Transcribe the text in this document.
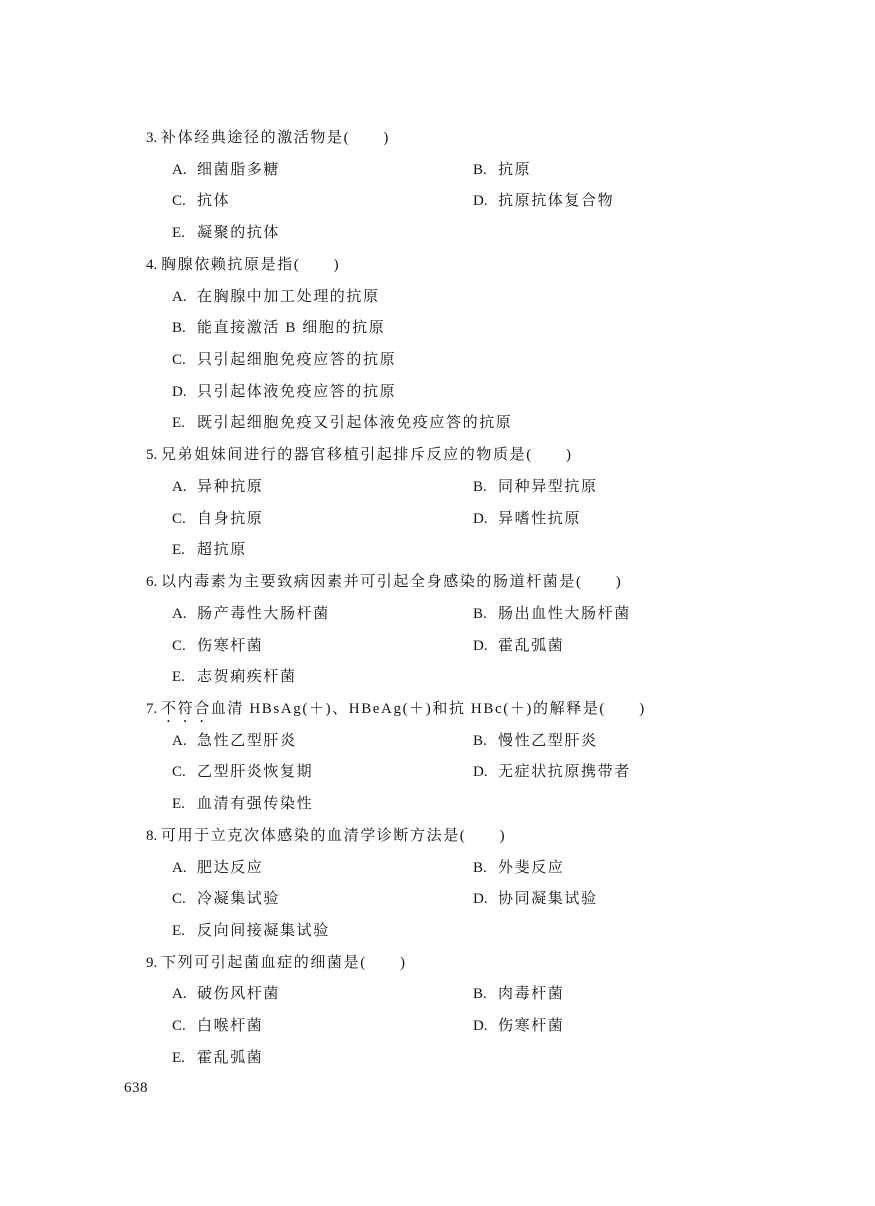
3. 补体经典途径的激活物是(　　)

A. 细菌脂多糖

	B. 抗原

C. 抗体

	D. 抗原抗体复合物

E. 凝聚的抗体

4. 胸腺依赖抗原是指(　　)

A. 在胸腺中加工处理的抗原

B. 能直接激活 B 细胞的抗原

C. 只引起细胞免疫应答的抗原

D. 只引起体液免疫应答的抗原

E. 既引起细胞免疫又引起体液免疫应答的抗原

5. 兄弟姐妹间进行的器官移植引起排斥反应的物质是(　　)

A. 异种抗原

	B. 同种异型抗原

C. 自身抗原

	D. 异嗜性抗原

E. 超抗原

6. 以内毒素为主要致病因素并可引起全身感染的肠道杆菌是(　　)

A. 肠产毒性大肠杆菌

	B. 肠出血性大肠杆菌

C. 伤寒杆菌

	D. 霍乱弧菌

E. 志贺痢疾杆菌

7. 不符合血清 HBsAg(＋)、HBeAg(＋)和抗 HBc(＋)的解释是(　　)

A. 急性乙型肝炎

	B. 慢性乙型肝炎

C. 乙型肝炎恢复期

	D. 无症状抗原携带者

E. 血清有强传染性

8. 可用于立克次体感染的血清学诊断方法是(　　)

A. 肥达反应

	B. 外斐反应

C. 冷凝集试验

	D. 协同凝集试验

E. 反向间接凝集试验

9. 下列可引起菌血症的细菌是(　　)

A. 破伤风杆菌

	B. 肉毒杆菌

C. 白喉杆菌

	D. 伤寒杆菌

E. 霍乱弧菌

638
